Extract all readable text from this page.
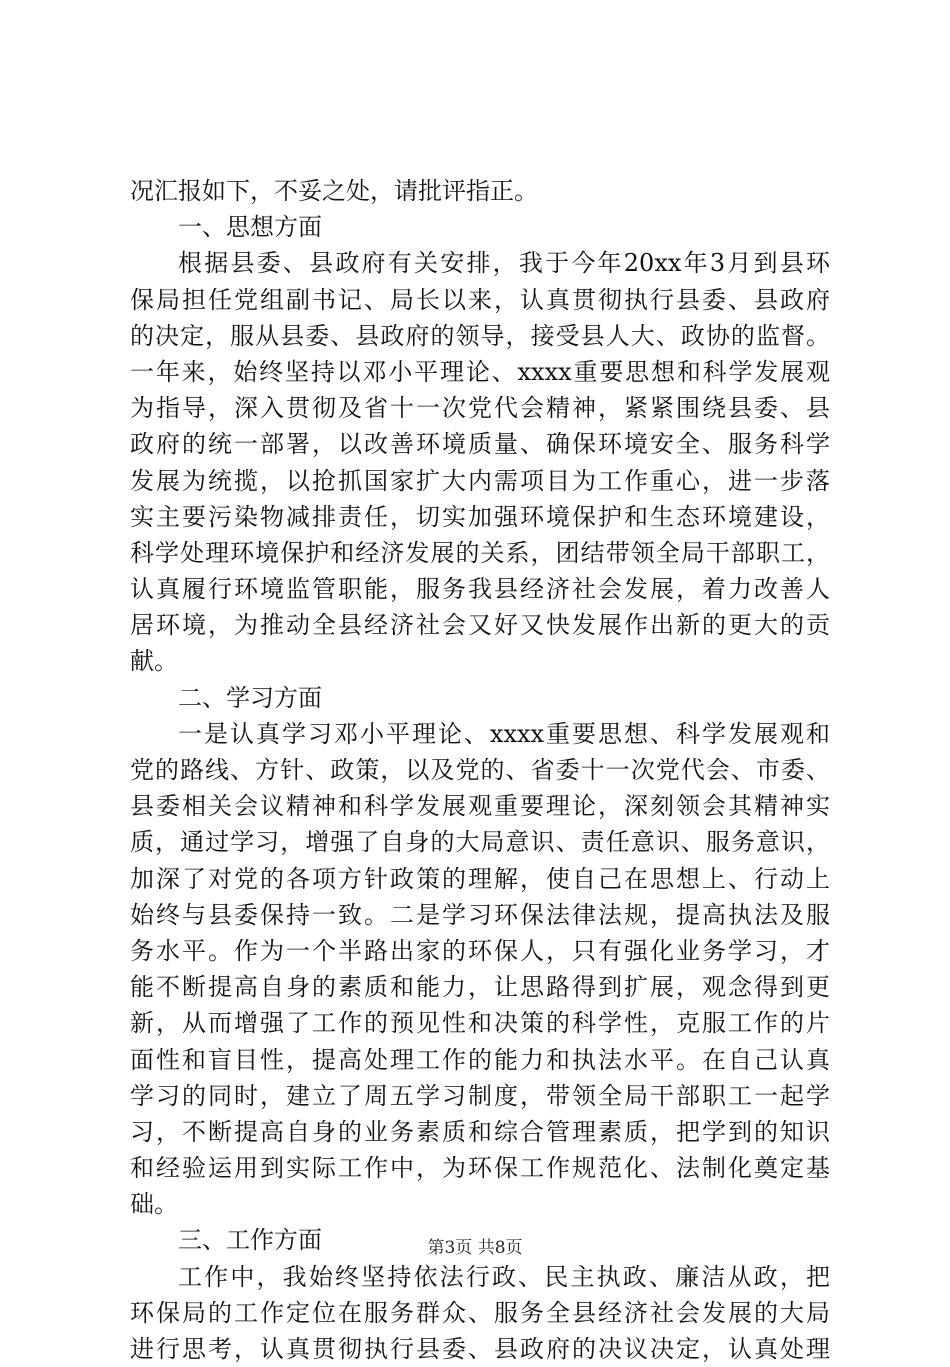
况汇报如下，不妥之处，请批评指正。
一、思想方面
根据县委、县政府有关安排，我于今年20xx年3月到县环
保局担任党组副书记、局长以来，认真贯彻执行县委、县政府
的决定，服从县委、县政府的领导，接受县人大、政协的监督。
一年来，始终坚持以邓小平理论、xxxx重要思想和科学发展观
为指导，深入贯彻及省十一次党代会精神，紧紧围绕县委、县
政府的统一部署，以改善环境质量、确保环境安全、服务科学
发展为统揽，以抢抓国家扩大内需项目为工作重心，进一步落
实主要污染物减排责任，切实加强环境保护和生态环境建设，
科学处理环境保护和经济发展的关系，团结带领全局干部职工，
认真履行环境监管职能，服务我县经济社会发展，着力改善人
居环境，为推动全县经济社会又好又快发展作出新的更大的贡
献。
二、学习方面
一是认真学习邓小平理论、xxxx重要思想、科学发展观和
党的路线、方针、政策，以及党的、省委十一次党代会、市委、
县委相关会议精神和科学发展观重要理论，深刻领会其精神实
质，通过学习，增强了自身的大局意识、责任意识、服务意识，
加深了对党的各项方针政策的理解，使自己在思想上、行动上
始终与县委保持一致。二是学习环保法律法规，提高执法及服
务水平。作为一个半路出家的环保人，只有强化业务学习，才
能不断提高自身的素质和能力，让思路得到扩展，观念得到更
新，从而增强了工作的预见性和决策的科学性，克服工作的片
面性和盲目性，提高处理工作的能力和执法水平。在自己认真
学习的同时，建立了周五学习制度，带领全局干部职工一起学
习，不断提高自身的业务素质和综合管理素质，把学到的知识
和经验运用到实际工作中，为环保工作规范化、法制化奠定基
础。
三、工作方面
工作中，我始终坚持依法行政、民主执政、廉洁从政，把
环保局的工作定位在服务群众、服务全县经济社会发展的大局
进行思考，认真贯彻执行县委、县政府的决议决定，认真处理
第3页 共8页
